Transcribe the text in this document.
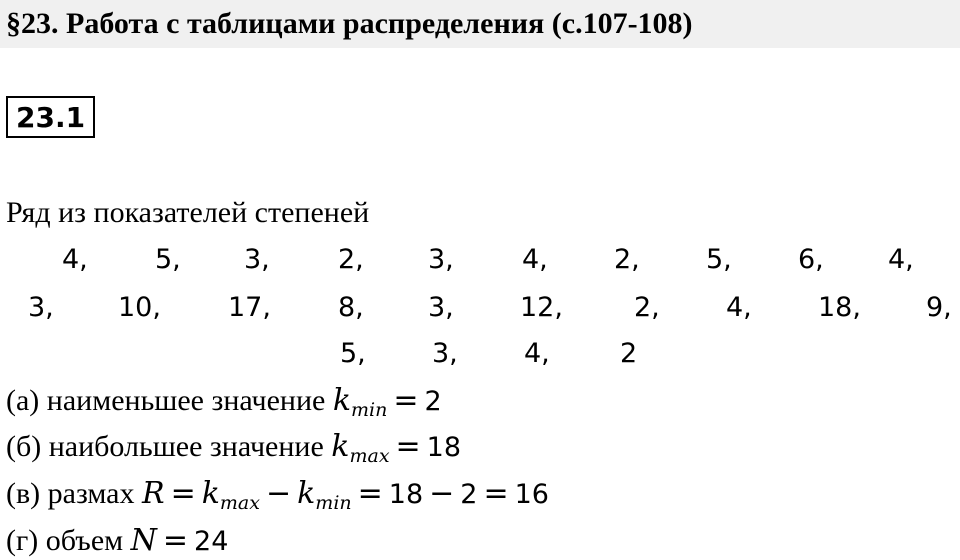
§23. Работа с таблицами распределения (с.107-108)
23.1
Ряд из показателей степеней
4, 5, 3,	2, 3,	4, 2, 5, 6, 4,
3, 10, 17, 8, 3, 12,	2, 4, 18, 9,
5, 3, 4,	2
(а) наименьшее значение $k_{min} = 2$
(б) наибольшее значение $k_{max} = 18$
(в) размах $R = k_{max} - k_{min} = 18 - 2 = 16$
(г) объем N = 24
